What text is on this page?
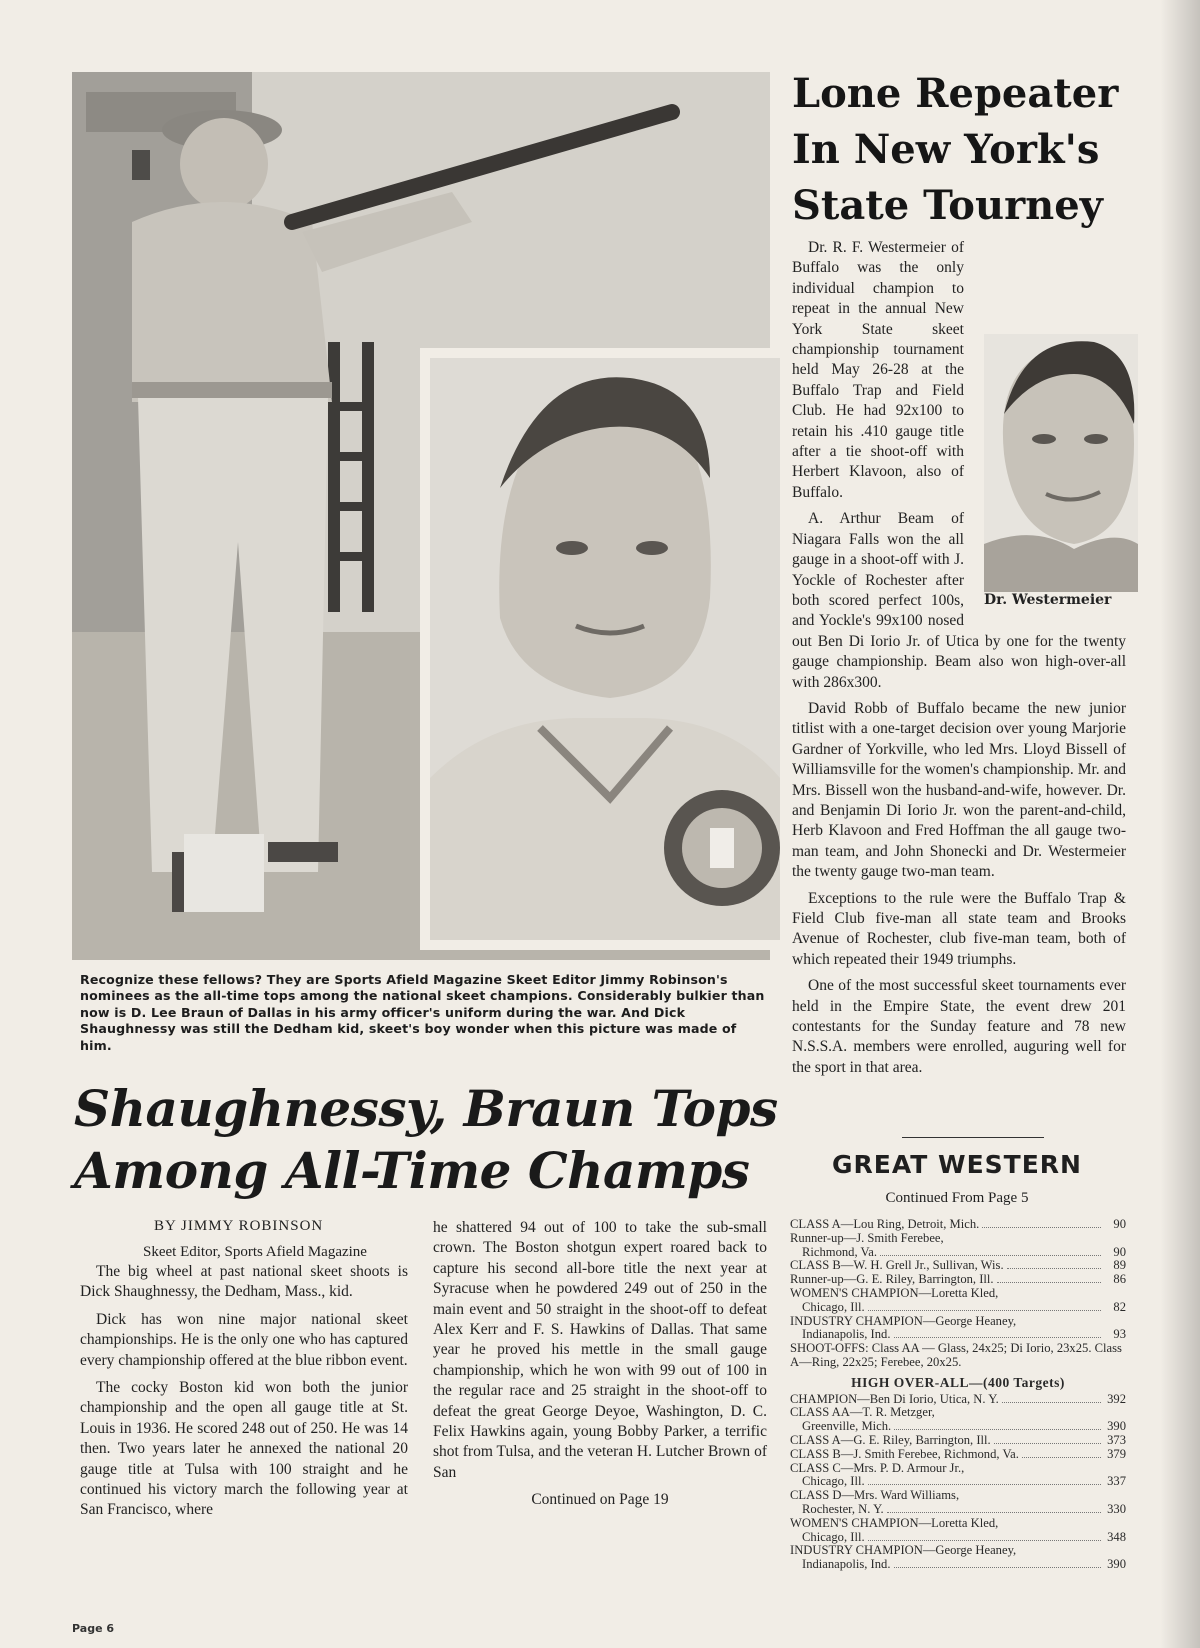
Recognize these fellows? They are Sports Afield Magazine Skeet Editor Jimmy Robinson's nominees as the all-time tops among the national skeet champions. Considerably bulkier than now is D. Lee Braun of Dallas in his army officer's uniform during the war. And Dick Shaughnessy was still the Dedham kid, skeet's boy wonder when this picture was made of him.
Shaughnessy, Braun Tops
Among All-Time Champs
BY JIMMY ROBINSON
Skeet Editor, Sports Afield Magazine

The big wheel at past national skeet shoots is Dick Shaughnessy, the Dedham, Mass., kid.

Dick has won nine major national skeet championships. He is the only one who has captured every championship offered at the blue ribbon event.

The cocky Boston kid won both the junior championship and the open all gauge title at St. Louis in 1936. He scored 248 out of 250. He was 14 then. Two years later he annexed the national 20 gauge title at Tulsa with 100 straight and he continued his victory march the following year at San Francisco, where

he shattered 94 out of 100 to take the sub-small crown. The Boston shotgun expert roared back to capture his second all-bore title the next year at Syracuse when he powdered 249 out of 250 in the main event and 50 straight in the shoot-off to defeat Alex Kerr and F. S. Hawkins of Dallas. That same year he proved his mettle in the small gauge championship, which he won with 99 out of 100 in the regular race and 25 straight in the shoot-off to defeat the great George Deyoe, Washington, D. C. Felix Hawkins again, young Bobby Parker, a terrific shot from Tulsa, and the veteran H. Lutcher Brown of San

Continued on Page 19

Lone Repeater In New York's State Tourney
Dr. Westermeier

Dr. R. F. Westermeier of Buffalo was the only individual champion to repeat in the annual New York State skeet championship tournament held May 26-28 at the Buffalo Trap and Field Club. He had 92x100 to retain his .410 gauge title after a tie shoot-off with Herbert Klavoon, also of Buffalo.

A. Arthur Beam of Niagara Falls won the all gauge in a shoot-off with J. Yockle of Rochester after both scored perfect 100s, and Yockle's 99x100 nosed out Ben Di Iorio Jr. of Utica by one for the twenty gauge championship. Beam also won high-over-all with 286x300.

David Robb of Buffalo became the new junior titlist with a one-target decision over young Marjorie Gardner of Yorkville, who led Mrs. Lloyd Bissell of Williamsville for the women's championship. Mr. and Mrs. Bissell won the husband-and-wife, however. Dr. and Benjamin Di Iorio Jr. won the parent-and-child, Herb Klavoon and Fred Hoffman the all gauge two-man team, and John Shonecki and Dr. Westermeier the twenty gauge two-man team.

Exceptions to the rule were the Buffalo Trap & Field Club five-man all state team and Brooks Avenue of Rochester, club five-man team, both of which repeated their 1949 triumphs.

One of the most successful skeet tournaments ever held in the Empire State, the event drew 201 contestants for the Sunday feature and 78 new N.S.S.A. members were enrolled, auguring well for the sport in that area.

GREAT WESTERN
Continued From Page 5
CLASS A—Lou Ring, Detroit, Mich.	90
Runner-up—J. Smith Ferebee,
Richmond, Va.	90
CLASS B—W. H. Grell Jr., Sullivan, Wis.	89
Runner-up—G. E. Riley, Barrington, Ill.	86
WOMEN'S CHAMPION—Loretta Kled,
Chicago, Ill.	82
INDUSTRY CHAMPION—George Heaney,
Indianapolis, Ind.	93
SHOOT-OFFS: Class AA — Glass, 24x25; Di Iorio, 23x25. Class A—Ring, 22x25; Ferebee, 20x25.
HIGH OVER-ALL—(400 Targets)
CHAMPION—Ben Di Iorio, Utica, N. Y.	392
CLASS AA—T. R. Metzger,
Greenville, Mich.	390
CLASS A—G. E. Riley, Barrington, Ill.	373
CLASS B—J. Smith Ferebee, Richmond, Va.	379
CLASS C—Mrs. P. D. Armour Jr.,
Chicago, Ill.	337
CLASS D—Mrs. Ward Williams,
Rochester, N. Y.	330
WOMEN'S CHAMPION—Loretta Kled,
Chicago, Ill.	348
INDUSTRY CHAMPION—George Heaney,
Indianapolis, Ind.	390
Page 6
